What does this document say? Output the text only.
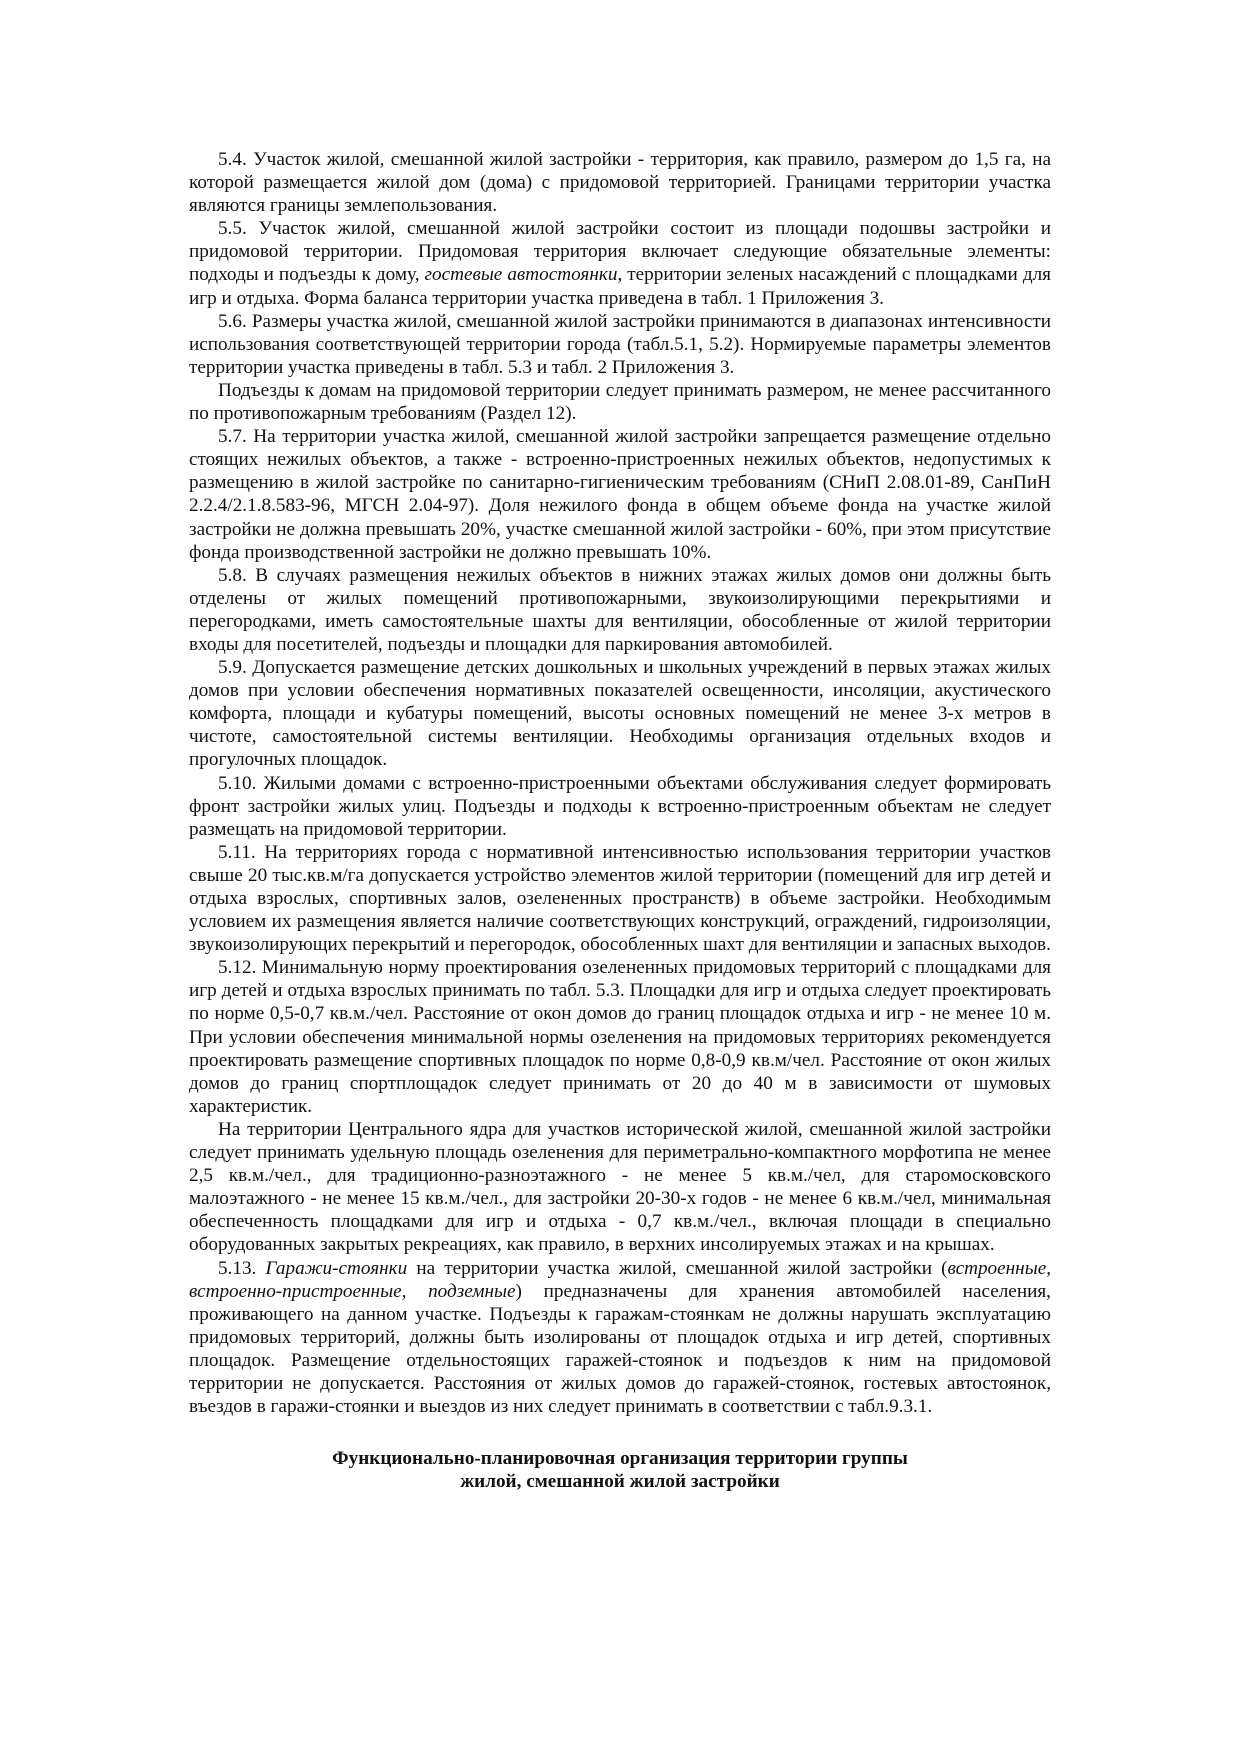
5.4. Участок жилой, смешанной жилой застройки - территория, как правило, размером до 1,5 га, на которой размещается жилой дом (дома) с придомовой территорией. Границами территории участка являются границы землепользования.

5.5. Участок жилой, смешанной жилой застройки состоит из площади подошвы застройки и придомовой территории. Придомовая территория включает следующие обязательные элементы: подходы и подъезды к дому, гостевые автостоянки, территории зеленых насаждений с площадками для игр и отдыха. Форма баланса территории участка приведена в табл. 1 Приложения 3.

5.6. Размеры участка жилой, смешанной жилой застройки принимаются в диапазонах интенсивности использования соответствующей территории города (табл.5.1, 5.2). Нормируемые параметры элементов территории участка приведены в табл. 5.3 и табл. 2 Приложения 3.

Подъезды к домам на придомовой территории следует принимать размером, не менее рассчитанного по противопожарным требованиям (Раздел 12).

5.7. На территории участка жилой, смешанной жилой застройки запрещается размещение отдельно стоящих нежилых объектов, а также - встроенно-пристроенных нежилых объектов, недопустимых к размещению в жилой застройке по санитарно-гигиеническим требованиям (СНиП 2.08.01-89, СанПиН 2.2.4/2.1.8.583-96, МГСН 2.04-97). Доля нежилого фонда в общем объеме фонда на участке жилой застройки не должна превышать 20%, участке смешанной жилой застройки - 60%, при этом присутствие фонда производственной застройки не должно превышать 10%.

5.8. В случаях размещения нежилых объектов в нижних этажах жилых домов они должны быть отделены от жилых помещений противопожарными, звукоизолирующими перекрытиями и перегородками, иметь самостоятельные шахты для вентиляции, обособленные от жилой территории входы для посетителей, подъезды и площадки для паркирования автомобилей.

5.9. Допускается размещение детских дошкольных и школьных учреждений в первых этажах жилых домов при условии обеспечения нормативных показателей освещенности, инсоляции, акустического комфорта, площади и кубатуры помещений, высоты основных помещений не менее 3-х метров в чистоте, самостоятельной системы вентиляции. Необходимы организация отдельных входов и прогулочных площадок.

5.10. Жилыми домами с встроенно-пристроенными объектами обслуживания следует формировать фронт застройки жилых улиц. Подъезды и подходы к встроенно-пристроенным объектам не следует размещать на придомовой территории.

5.11. На территориях города с нормативной интенсивностью использования территории участков свыше 20 тыс.кв.м/га допускается устройство элементов жилой территории (помещений для игр детей и отдыха взрослых, спортивных залов, озелененных пространств) в объеме застройки. Необходимым условием их размещения является наличие соответствующих конструкций, ограждений, гидроизоляции, звукоизолирующих перекрытий и перегородок, обособленных шахт для вентиляции и запасных выходов.

5.12. Минимальную норму проектирования озелененных придомовых территорий с площадками для игр детей и отдыха взрослых принимать по табл. 5.3. Площадки для игр и отдыха следует проектировать по норме 0,5-0,7 кв.м./чел. Расстояние от окон домов до границ площадок отдыха и игр - не менее 10 м. При условии обеспечения минимальной нормы озеленения на придомовых территориях рекомендуется проектировать размещение спортивных площадок по норме 0,8-0,9 кв.м/чел. Расстояние от окон жилых домов до границ спортплощадок следует принимать от 20 до 40 м в зависимости от шумовых характеристик.

На территории Центрального ядра для участков исторической жилой, смешанной жилой застройки следует принимать удельную площадь озеленения для периметрально-компактного морфотипа не менее 2,5 кв.м./чел., для традиционно-разноэтажного - не менее 5 кв.м./чел, для старомосковского малоэтажного - не менее 15 кв.м./чел., для застройки 20-30-х годов - не менее 6 кв.м./чел, минимальная обеспеченность площадками для игр и отдыха - 0,7 кв.м./чел., включая площади в специально оборудованных закрытых рекреациях, как правило, в верхних инсолируемых этажах и на крышах.

5.13. Гаражи-стоянки на территории участка жилой, смешанной жилой застройки (встроенные, встроенно-пристроенные, подземные) предназначены для хранения автомобилей населения, проживающего на данном участке. Подъезды к гаражам-стоянкам не должны нарушать эксплуатацию придомовых территорий, должны быть изолированы от площадок отдыха и игр детей, спортивных площадок. Размещение отдельностоящих гаражей-стоянок и подъездов к ним на придомовой территории не допускается. Расстояния от жилых домов до гаражей-стоянок, гостевых автостоянок, въездов в гаражи-стоянки и выездов из них следует принимать в соответствии с табл.9.3.1.

Функционально-планировочная организация территории группы
жилой, смешанной жилой застройки
